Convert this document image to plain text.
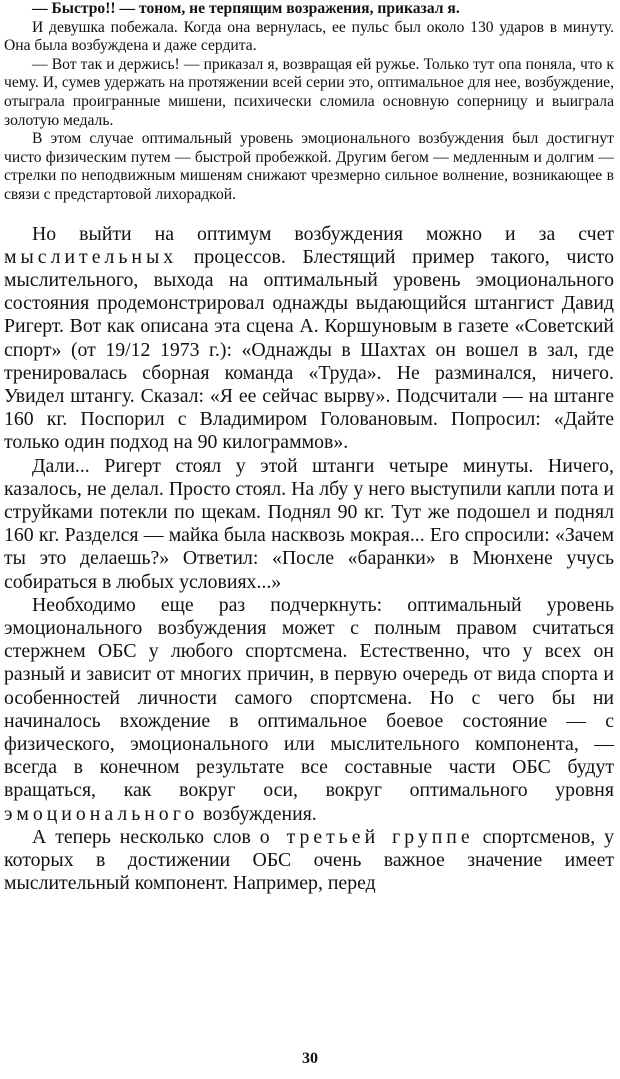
— Быстро!! — тоном, не терпящим возражения, приказал я.

И девушка побежала. Когда она вернулась, ее пульс был около 130 ударов в минуту. Она была возбуждена и даже сердита.

— Вот так и держись! — приказал я, возвращая ей ружье. Только тут опа поняла, что к чему. И, сумев удержать на протяжении всей серии это, оптимальное для нее, возбуждение, отыграла проигранные мишени, психически сломила основную соперницу и выиграла золотую медаль.

В этом случае оптимальный уровень эмоционального возбуждения был достигнут чисто физическим путем — быстрой пробежкой. Другим бегом — медленным и долгим — стрелки по неподвижным мишеням снижают чрезмерно сильное волнение, возникающее в связи с предстартовой лихорадкой.

Но выйти на оптимум возбуждения можно и за счет мыслительных процессов. Блестящий пример такого, чисто мыслительного, выхода на оптимальный уровень эмоционального состояния продемонстрировал однажды выдающийся штангист Давид Ригерт. Вот как описана эта сцена А. Коршуновым в газете «Советский спорт» (от 19/12 1973 г.): «Однажды в Шахтах он вошел в зал, где тренировалась сборная команда «Труда». Не разминался, ничего. Увидел штангу. Сказал: «Я ее сейчас вырву». Подсчитали — на штанге 160 кг. Поспорил с Владимиром Головановым. Попросил: «Дайте только один подход на 90 килограммов».

Дали... Ригерт стоял у этой штанги четыре минуты. Ничего, казалось, не делал. Просто стоял. На лбу у него выступили капли пота и струйками потекли по щекам. Поднял 90 кг. Тут же подошел и поднял 160 кг. Разделся — майка была насквозь мокрая... Его спросили: «Зачем ты это делаешь?» Ответил: «После «баранки» в Мюнхене учусь собираться в любых условиях...»

Необходимо еще раз подчеркнуть: оптимальный уровень эмоционального возбуждения может с полным правом считаться стержнем ОБС у любого спортсмена. Естественно, что у всех он разный и зависит от многих причин, в первую очередь от вида спорта и особенностей личности самого спортсмена. Но с чего бы ни начиналось вхождение в оптимальное боевое состояние — с физического, эмоционального или мыслительного компонента, — всегда в конечном результате все составные части ОБС будут вращаться, как вокруг оси, вокруг оптимального уровня эмоционального возбуждения.

А теперь несколько слов о третьей группе спортсменов, у которых в достижении ОБС очень важное значение имеет мыслительный компонент. Например, перед

30
